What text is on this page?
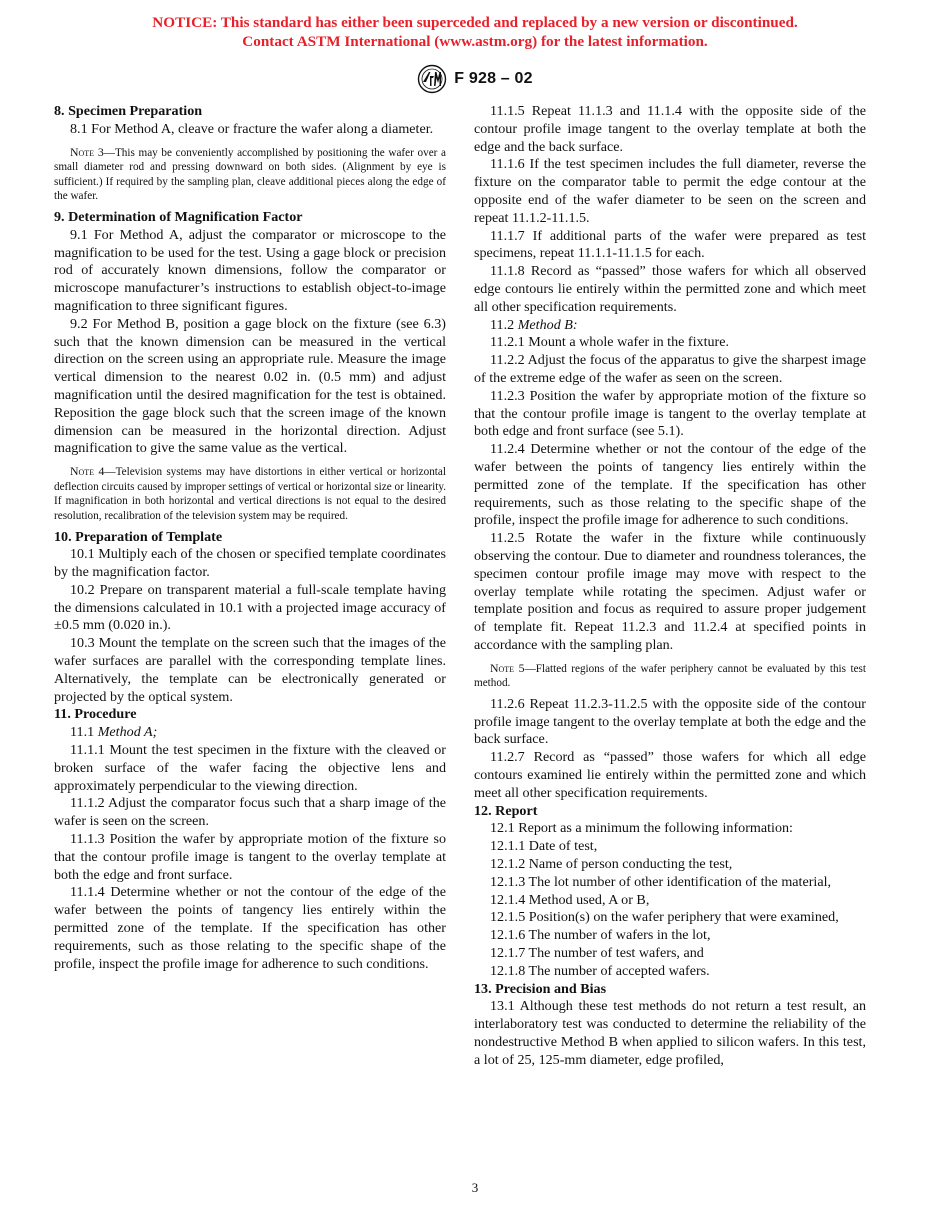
NOTICE: This standard has either been superceded and replaced by a new version or discontinued.
Contact ASTM International (www.astm.org) for the latest information.
F 928 – 02
8. Specimen Preparation

8.1 For Method A, cleave or fracture the wafer along a diameter.

Note 3—This may be conveniently accomplished by positioning the wafer over a small diameter rod and pressing downward on both sides. (Alignment by eye is sufficient.) If required by the sampling plan, cleave additional pieces along the edge of the wafer.

9. Determination of Magnification Factor

9.1 For Method A, adjust the comparator or microscope to the magnification to be used for the test. Using a gage block or precision rod of accurately known dimensions, follow the comparator or microscope manufacturer’s instructions to establish object-to-image magnification to three significant figures.

9.2 For Method B, position a gage block on the fixture (see 6.3) such that the known dimension can be measured in the vertical direction on the screen using an appropriate rule. Measure the image vertical dimension to the nearest 0.02 in. (0.5 mm) and adjust magnification until the desired magnification for the test is obtained. Reposition the gage block such that the screen image of the known dimension can be measured in the horizontal direction. Adjust magnification to give the same value as the vertical.

Note 4—Television systems may have distortions in either vertical or horizontal deflection circuits caused by improper settings of vertical or horizontal size or linearity. If magnification in both horizontal and vertical directions is not equal to the desired resolution, recalibration of the television system may be required.

10. Preparation of Template

10.1 Multiply each of the chosen or specified template coordinates by the magnification factor.

10.2 Prepare on transparent material a full-scale template having the dimensions calculated in 10.1 with a projected image accuracy of ±0.5 mm (0.020 in.).

10.3 Mount the template on the screen such that the images of the wafer surfaces are parallel with the corresponding template lines. Alternatively, the template can be electronically generated or projected by the optical system.

11. Procedure

11.1 Method A;

11.1.1 Mount the test specimen in the fixture with the cleaved or broken surface of the wafer facing the objective lens and approximately perpendicular to the viewing direction.

11.1.2 Adjust the comparator focus such that a sharp image of the wafer is seen on the screen.

11.1.3 Position the wafer by appropriate motion of the fixture so that the contour profile image is tangent to the overlay template at both the edge and front surface.

11.1.4 Determine whether or not the contour of the edge of the wafer between the points of tangency lies entirely within the permitted zone of the template. If the specification has other requirements, such as those relating to the specific shape of the profile, inspect the profile image for adherence to such conditions.

11.1.5 Repeat 11.1.3 and 11.1.4 with the opposite side of the contour profile image tangent to the overlay template at both the edge and the back surface.

11.1.6 If the test specimen includes the full diameter, reverse the fixture on the comparator table to permit the edge contour at the opposite end of the wafer diameter to be seen on the screen and repeat 11.1.2-11.1.5.

11.1.7 If additional parts of the wafer were prepared as test specimens, repeat 11.1.1-11.1.5 for each.

11.1.8 Record as “passed” those wafers for which all observed edge contours lie entirely within the permitted zone and which meet all other specification requirements.

11.2 Method B:

11.2.1 Mount a whole wafer in the fixture.

11.2.2 Adjust the focus of the apparatus to give the sharpest image of the extreme edge of the wafer as seen on the screen.

11.2.3 Position the wafer by appropriate motion of the fixture so that the contour profile image is tangent to the overlay template at both edge and front surface (see 5.1).

11.2.4 Determine whether or not the contour of the edge of the wafer between the points of tangency lies entirely within the permitted zone of the template. If the specification has other requirements, such as those relating to the specific shape of the profile, inspect the profile image for adherence to such conditions.

11.2.5 Rotate the wafer in the fixture while continuously observing the contour. Due to diameter and roundness tolerances, the specimen contour profile image may move with respect to the overlay template while rotating the specimen. Adjust wafer or template position and focus as required to assure proper judgement of template fit. Repeat 11.2.3 and 11.2.4 at specified points in accordance with the sampling plan.

Note 5—Flatted regions of the wafer periphery cannot be evaluated by this test method.

11.2.6 Repeat 11.2.3-11.2.5 with the opposite side of the contour profile image tangent to the overlay template at both the edge and the back surface.

11.2.7 Record as “passed” those wafers for which all edge contours examined lie entirely within the permitted zone and which meet all other specification requirements.

12. Report

12.1 Report as a minimum the following information:

12.1.1 Date of test,

12.1.2 Name of person conducting the test,

12.1.3 The lot number of other identification of the material,

12.1.4 Method used, A or B,

12.1.5 Position(s) on the wafer periphery that were examined,

12.1.6 The number of wafers in the lot,

12.1.7 The number of test wafers, and

12.1.8 The number of accepted wafers.

13. Precision and Bias

13.1 Although these test methods do not return a test result, an interlaboratory test was conducted to determine the reliability of the nondestructive Method B when applied to silicon wafers. In this test, a lot of 25, 125-mm diameter, edge profiled,

3
